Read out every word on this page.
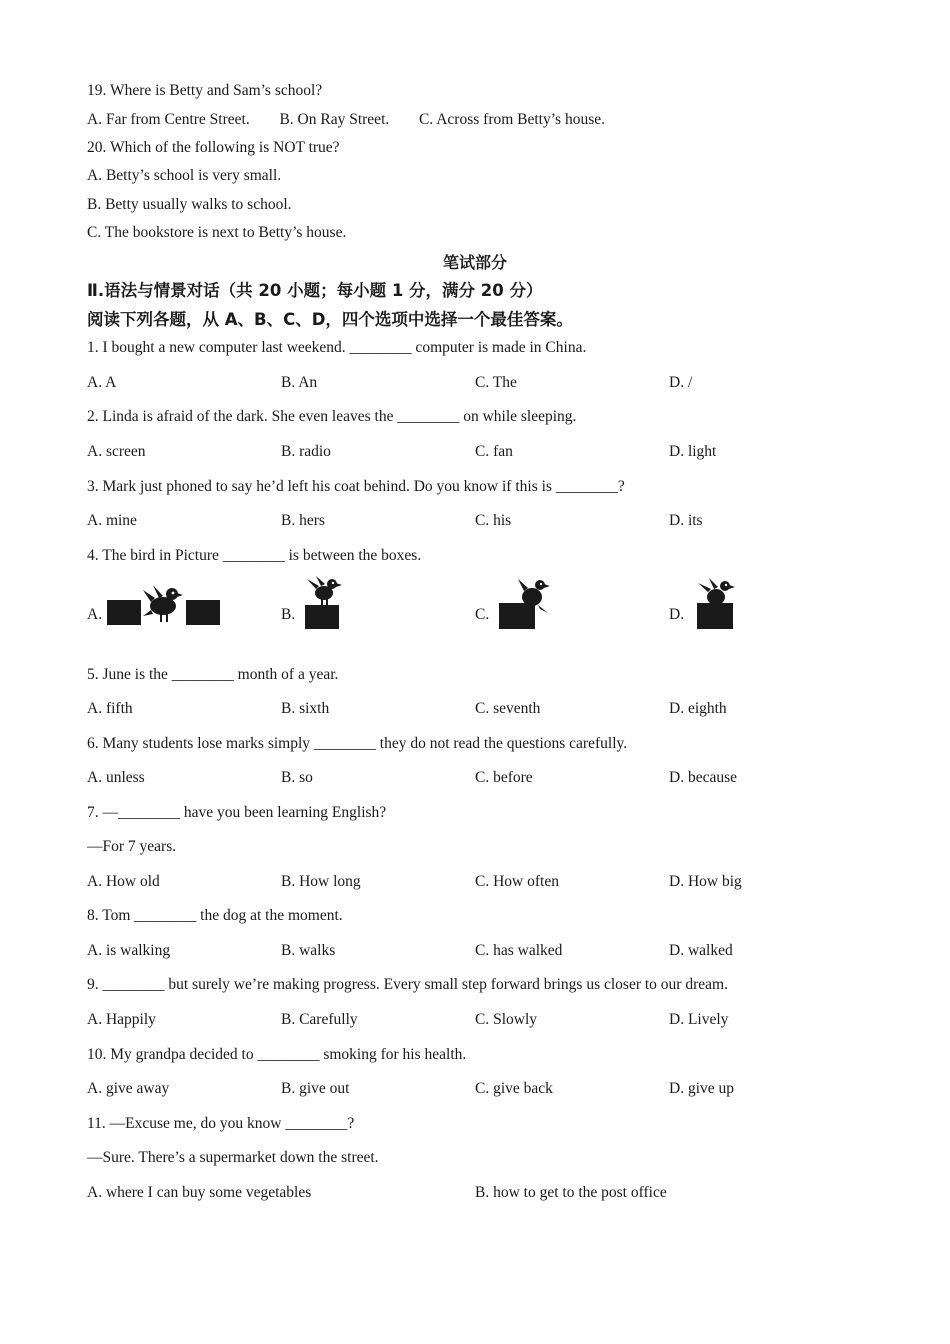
19. Where is Betty and Sam’s school?
A. Far from Centre Street. B. On Ray Street. C. Across from Betty’s house.
20. Which of the following is NOT true?
A. Betty’s school is very small.
B. Betty usually walks to school.
C. The bookstore is next to Betty’s house.
笔试部分
Ⅱ.语法与情景对话（共 20 小题；每小题 1 分，满分 20 分）
阅读下列各题，从 A、B、C、D，四个选项中选择一个最佳答案。
1. I bought a new computer last weekend. ________ computer is made in China.
A. A	B. An	C. The	D. /
2. Linda is afraid of the dark. She even leaves the ________ on while sleeping.
A. screen	B. radio	C. fan	D. light
3. Mark just phoned to say he’d left his coat behind. Do you know if this is ________?
A. mine	B. hers	C. his	D. its
4. The bird in Picture ________ is between the boxes.
A.	B.	C.	D.
5. June is the ________ month of a year.
A. fifth	B. sixth	C. seventh	D. eighth
6. Many students lose marks simply ________ they do not read the questions carefully.
A. unless	B. so	C. before	D. because
7. —________ have you been learning English?
—For 7 years.
A. How old	B. How long	C. How often	D. How big
8. Tom ________ the dog at the moment.
A. is walking	B. walks	C. has walked	D. walked
9. ________ but surely we’re making progress. Every small step forward brings us closer to our dream.
A. Happily	B. Carefully	C. Slowly	D. Lively
10. My grandpa decided to ________ smoking for his health.
A. give away	B. give out	C. give back	D. give up
11. —Excuse me, do you know ________?
—Sure. There’s a supermarket down the street.
A. where I can buy some vegetables	B. how to get to the post office
